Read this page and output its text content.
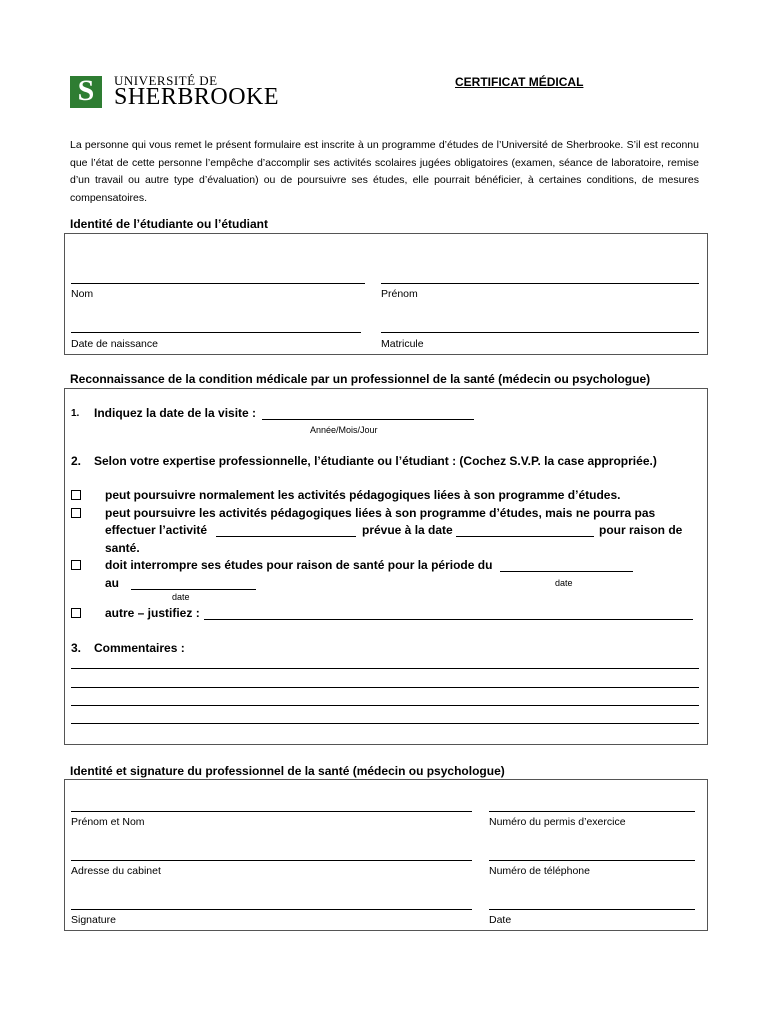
S	UNIVERSITÉ DE
SHERBROOKE
CERTIFICAT MÉDICAL
La personne qui vous remet le présent formulaire est inscrite à un programme d’études de l’Université de Sherbrooke. S’il est reconnu que l’état de cette personne l’empêche d’accomplir ses activités scolaires jugées obligatoires (examen, séance de laboratoire, remise d’un travail ou autre type d’évaluation) ou de poursuivre ses études, elle pourrait bénéficier, à certaines conditions, de mesures compensatoires.
Identité de l’étudiante ou l’étudiant
Nom	Prénom
Date de naissance	Matricule
Reconnaissance de la condition médicale par un professionnel de la santé (médecin ou psychologue)
1. Indiquez la date de la visite :
Année/Mois/Jour
2. Selon votre expertise professionnelle, l’étudiante ou l’étudiant : (Cochez S.V.P. la case appropriée.)
peut poursuivre normalement les activités pédagogiques liées à son programme d’études.
peut poursuivre les activités pédagogiques liées à son programme d’études, mais ne pourra pas
effectuer l’activité	prévue à la date	pour raison de
santé.
doit interrompre ses études pour raison de santé pour la période du
date
au
date
autre – justifiez :
3. Commentaires :
Identité et signature du professionnel de la santé (médecin ou psychologue)
Prénom et Nom	Numéro du permis d’exercice
Adresse du cabinet	Numéro de téléphone
Signature	Date
